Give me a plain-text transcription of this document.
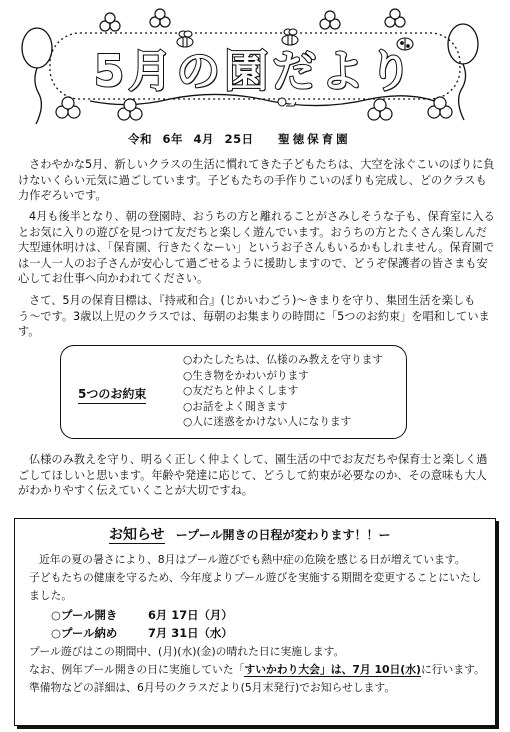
5月の園だより
令和 6年 4月 25日 聖徳保育園

さわやかな5月、新しいクラスの生活に慣れてきた子どもたちは、大空を泳ぐこいのぼりに負けないくらい元気に過ごしています。子どもたちの手作りこいのぼりも完成し、どのクラスも力作ぞろいです。

4月も後半となり、朝の登園時、おうちの方と離れることがさみしそうな子も、保育室に入るとお気に入りの遊びを見つけて友だちと楽しく遊んでいます。おうちの方とたくさん楽しんだ大型連休明けは、「保育園、行きたくなーい」というお子さんもいるかもしれません。保育園では一人一人のお子さんが安心して過ごせるように援助しますので、どうぞ保護者の皆さまも安心してお仕事へ向かわれてください。

さて、5月の保育目標は、『持戒和合』(じかいわごう)〜きまりを守り、集団生活を楽しもう〜です。3歳以上児のクラスでは、毎朝のお集まりの時間に「5つのお約束」を唱和しています。

5つのお約束
○わたしたちは、仏様のみ教えを守ります
○生き物をかわいがります
○友だちと仲よくします
○お話をよく聞きます
○人に迷惑をかけない人になります

仏様のみ教えを守り、明るく正しく仲よくして、園生活の中でお友だちや保育士と楽しく過ごしてほしいと思います。年齢や発達に応じて、どうして約束が必要なのか、その意味も大人がわかりやすく伝えていくことが大切ですね。

お知らせ ープール開きの日程が変わります！！ー
近年の夏の暑さにより、8月はプール遊びでも熱中症の危険を感じる日が増えています。
子どもたちの健康を守るため、今年度よりプール遊びを実施する期間を変更することにいたし
ました。
○プール開き	6月 17日（月）
○プール納め	7月 31日（水）
プール遊びはこの期間中、(月)(水)(金)の晴れた日に実施します。
なお、例年プール開きの日に実施していた「すいかわり大会」は、7月 10日(水)に行います。
準備物などの詳細は、6月号のクラスだより(5月末発行)でお知らせします。
